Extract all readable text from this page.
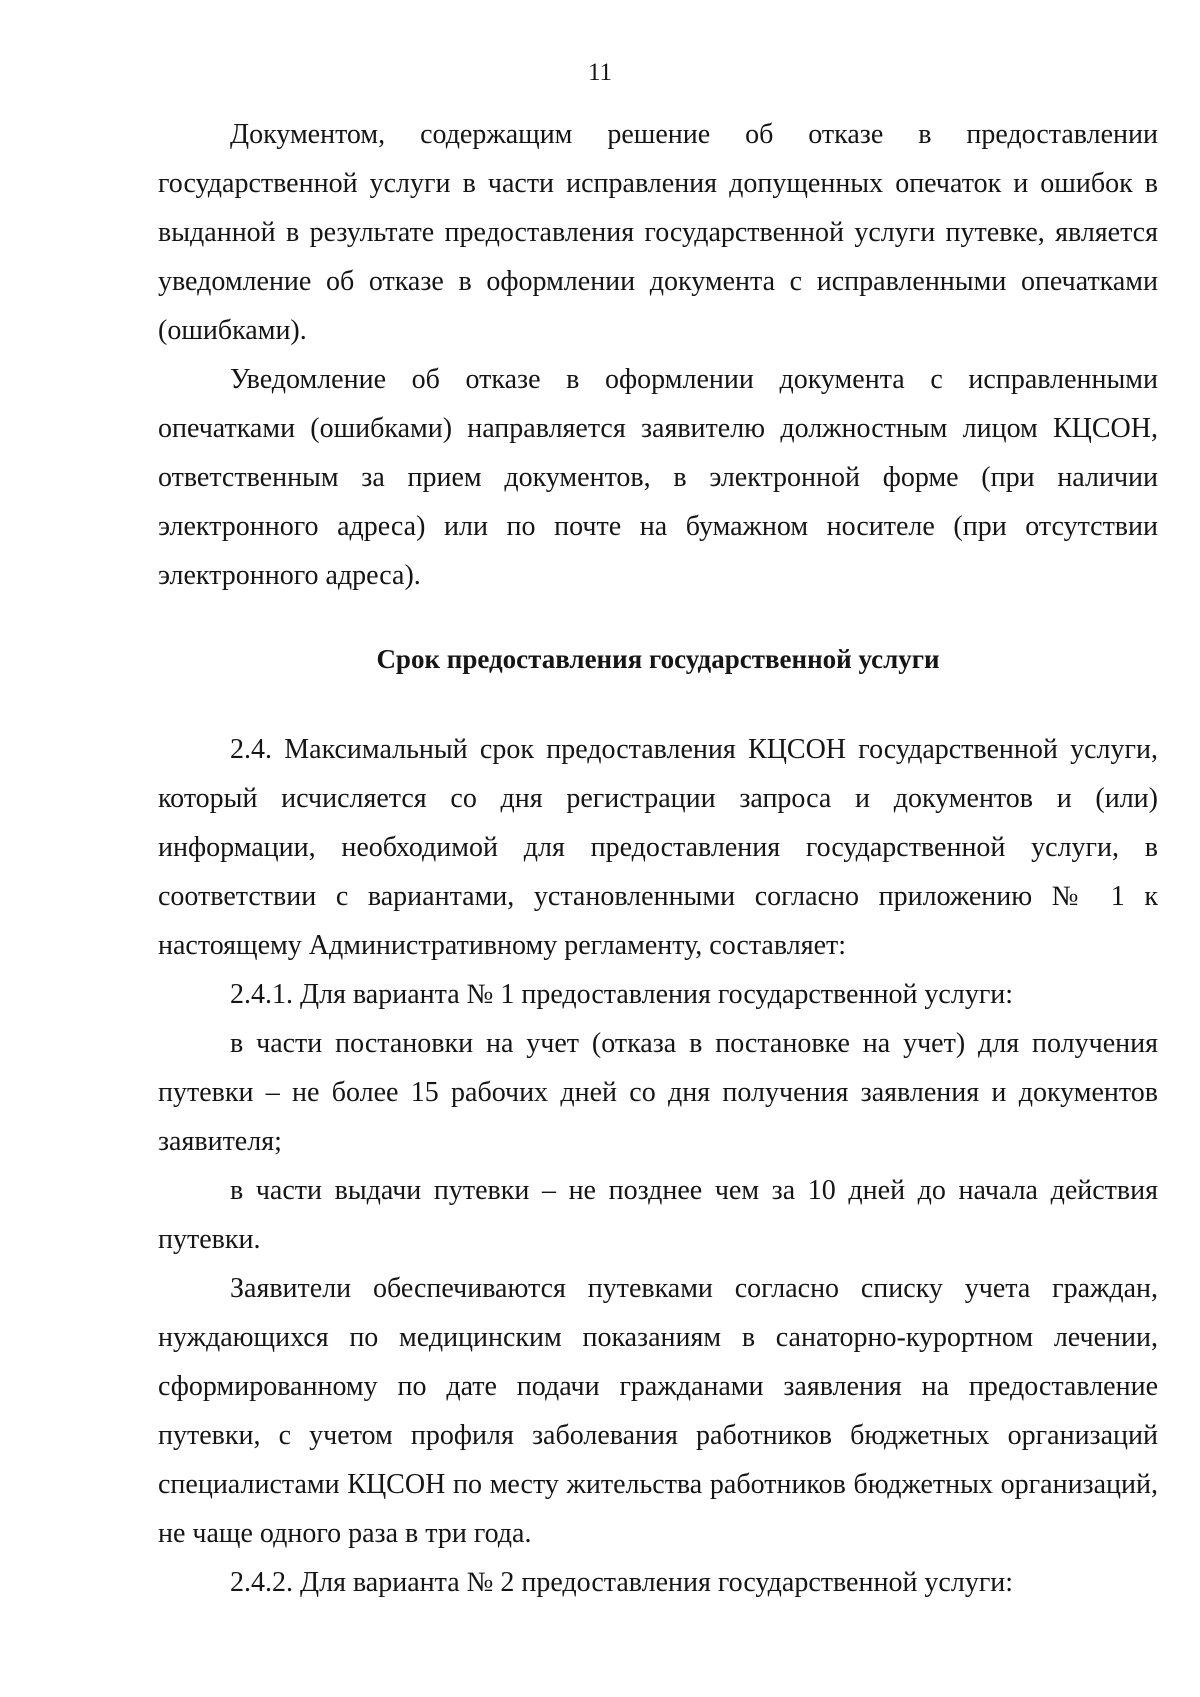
11

Документом, содержащим решение об отказе в предоставлении государственной услуги в части исправления допущенных опечаток и ошибок в выданной в результате предоставления государственной услуги путевке, является уведомление об отказе в оформлении документа с исправленными опечатками (ошибками).

Уведомление об отказе в оформлении документа с исправленными опечатками (ошибками) направляется заявителю должностным лицом КЦСОН, ответственным за прием документов, в электронной форме (при наличии электронного адреса) или по почте на бумажном носителе (при отсутствии электронного адреса).

Срок предоставления государственной услуги

2.4. Максимальный срок предоставления КЦСОН государственной услуги, который исчисляется со дня регистрации запроса и документов и (или) информации, необходимой для предоставления государственной услуги, в соответствии с вариантами, установленными согласно приложению № 1 к настоящему Административному регламенту, составляет:

2.4.1. Для варианта № 1 предоставления государственной услуги:

в части постановки на учет (отказа в постановке на учет) для получения путевки – не более 15 рабочих дней со дня получения заявления и документов заявителя;

в части выдачи путевки – не позднее чем за 10 дней до начала действия путевки.

Заявители обеспечиваются путевками согласно списку учета граждан, нуждающихся по медицинским показаниям в санаторно-курортном лечении, сформированному по дате подачи гражданами заявления на предоставление путевки, с учетом профиля заболевания работников бюджетных организаций специалистами КЦСОН по месту жительства работников бюджетных организаций, не чаще одного раза в три года.

2.4.2. Для варианта № 2 предоставления государственной услуги:
